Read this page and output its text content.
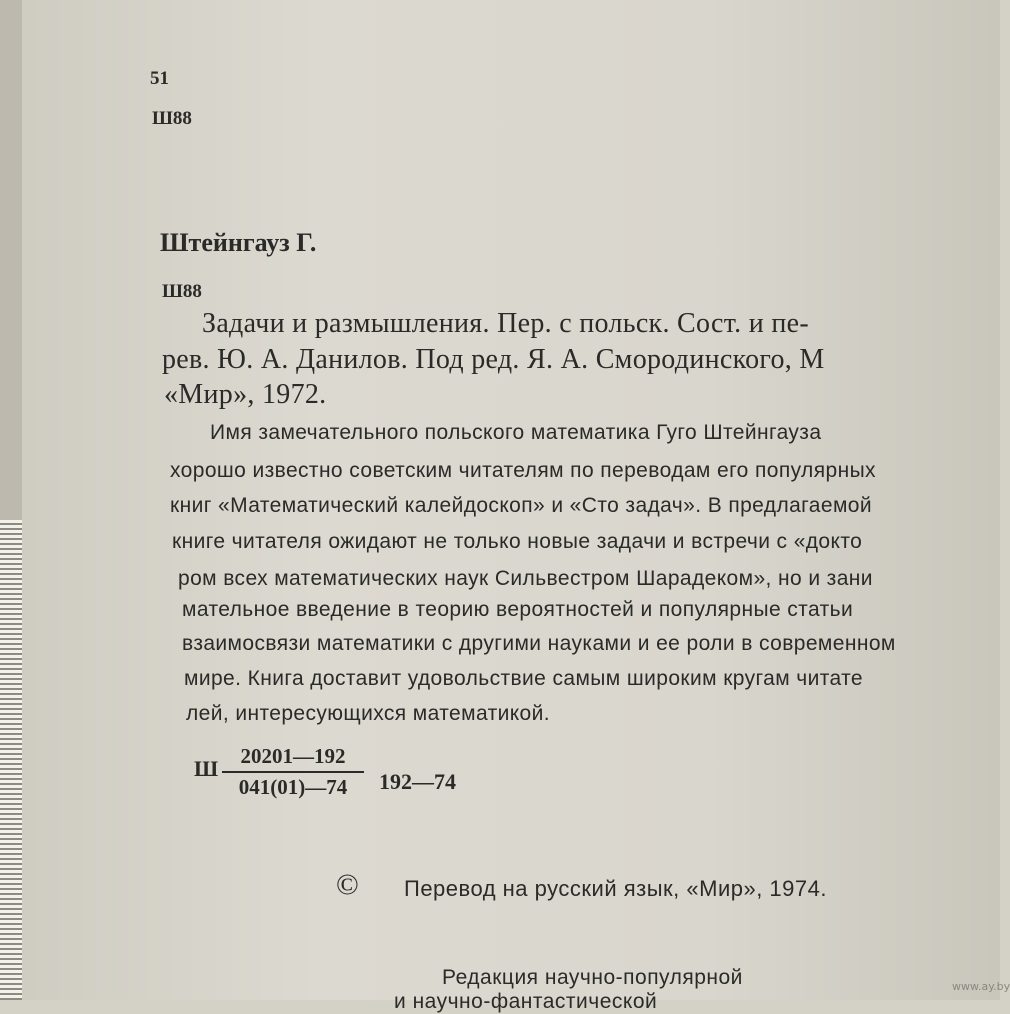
51
Ш88
Штейнгауз Г.
Ш88
Задачи и размышления. Пер. с польск. Сост. и пе-
рев. Ю. А. Данилов. Под ред. Я. А. Смородинского, М
«Мир», 1972.
Имя замечательного польского математика Гуго Штейнгауза
хорошо известно советским читателям по переводам его популярных
книг «Математический калейдоскоп» и «Сто задач». В предлагаемой
книге читателя ожидают не только новые задачи и встречи с «докто
ром всех математических наук Сильвестром Шарадеком», но и зани
мательное введение в теорию вероятностей и популярные статьи
взаимосвязи математики с другими науками и ее роли в современном
мире. Книга доставит удовольствие самым широким кругам читате
лей, интересующихся математикой.
Ш $\frac{20201—192}{041(01)—74}$ 192—74
© Перевод на русский язык, «Мир», 1974.
Редакция научно-популярной
и научно-фантастической
www.ay.by
